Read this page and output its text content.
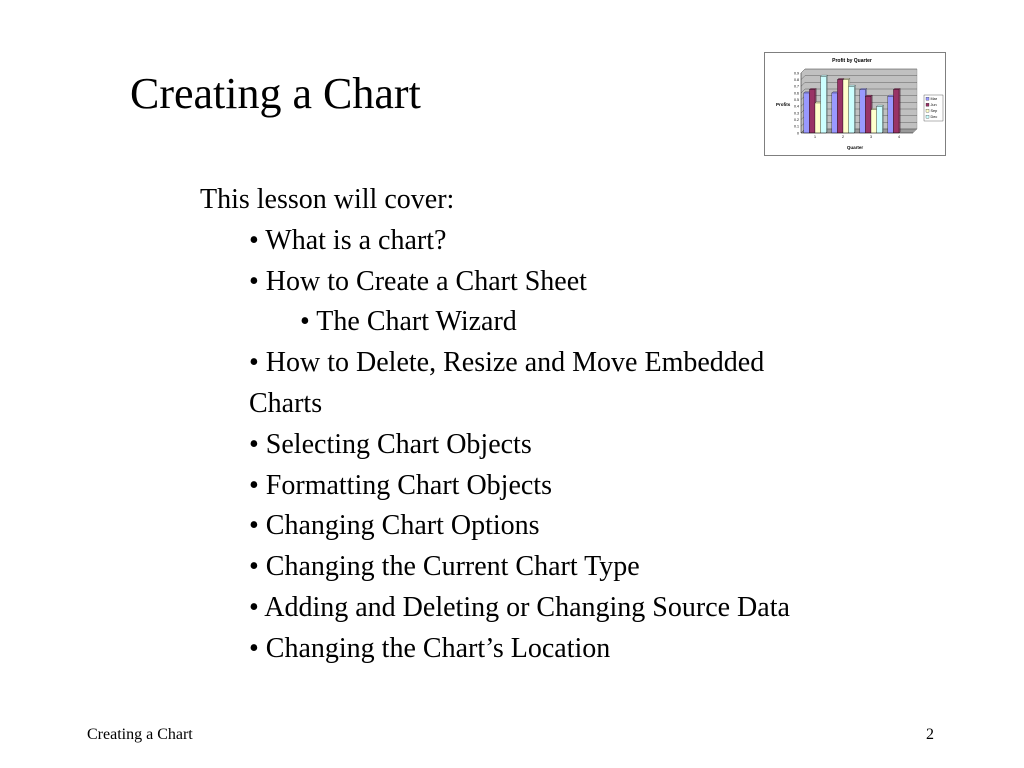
Creating a Chart
Profit by Quarter
Profits
Quarter
0
0.1
0.2
0.3
0.4
0.5
0.6
0.7
0.8
0.9
1	2	3	4
Mar
Jun
Sep
Dec
This lesson will cover:
• What is a chart?
• How to Create a Chart Sheet
• The Chart Wizard
• How to Delete, Resize and Move Embedded
Charts
• Selecting Chart Objects
• Formatting Chart Objects
• Changing Chart Options
• Changing the Current Chart Type
• Adding and Deleting or Changing Source Data
• Changing the Chart’s Location
Creating a Chart	2
